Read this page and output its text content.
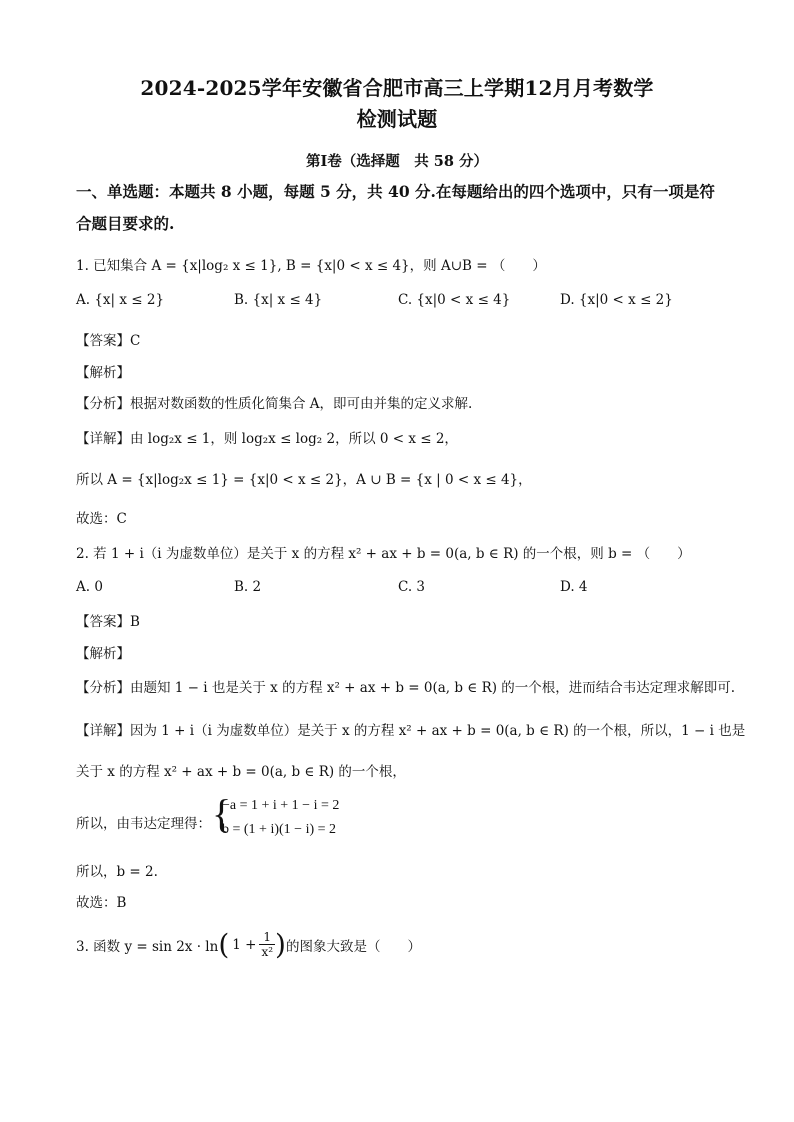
2024-2025学年安徽省合肥市高三上学期12月月考数学
检测试题
第Ⅰ卷（选择题　共 58 分）
一、单选题：本题共 8 小题，每题 5 分，共 40 分.在每题给出的四个选项中，只有一项是符合题目要求的.
1. 已知集合 A = {x|log₂ x ≤ 1}, B = {x|0 < x ≤ 4}，则 A∪B = （　　）
A. {x| x ≤ 2}	B. {x| x ≤ 4}	C. {x|0 < x ≤ 4}	D. {x|0 < x ≤ 2}
【答案】C
【解析】
【分析】根据对数函数的性质化简集合 A，即可由并集的定义求解.
【详解】由 log₂x ≤ 1，则 log₂x ≤ log₂ 2，所以 0 < x ≤ 2，
所以 A = {x|log₂x ≤ 1} = {x|0 < x ≤ 2}，A ∪ B = {x | 0 < x ≤ 4}，
故选：C
2. 若 1 + i（i 为虚数单位）是关于 x 的方程 x² + ax + b = 0(a, b ∈ R) 的一个根，则 b = （　　）
A. 0	B. 2	C. 3	D. 4
【答案】B
【解析】
【分析】由题知 1 − i 也是关于 x 的方程 x² + ax + b = 0(a, b ∈ R) 的一个根，进而结合韦达定理求解即可.
【详解】因为 1 + i（i 为虚数单位）是关于 x 的方程 x² + ax + b = 0(a, b ∈ R) 的一个根，所以，1 − i 也是
关于 x 的方程 x² + ax + b = 0(a, b ∈ R) 的一个根，
所以，由韦达定理得： {
−a = 1 + i + 1 − i = 2
b = (1 + i)(1 − i) = 2
所以，b = 2.
故选：B
3. 函数 y = sin 2x · ln ( $1 + \frac{1}{\text{x²}}$ ) 的图象大致是（　　）
